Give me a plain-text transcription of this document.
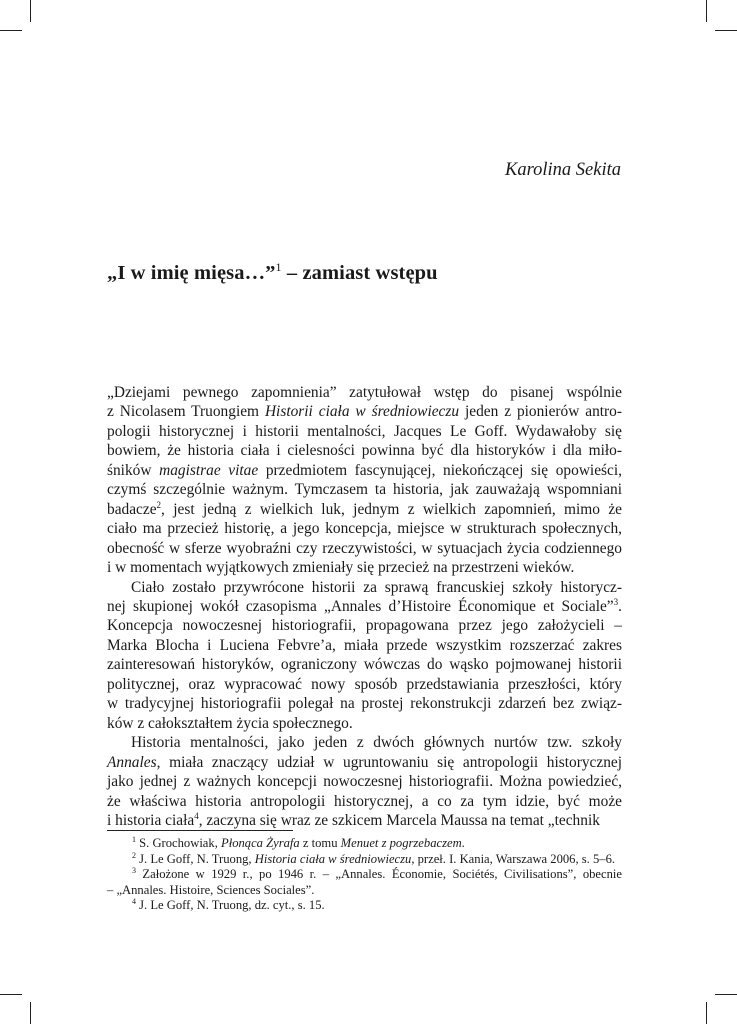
Karolina Sekita
„I w imię mięsa…”$^1$ – zamiast wstępu
„Dziejami pewnego zapomnienia” zatytułował wstęp do pisanej wspólnie
z Nicolasem Truongiem Historii ciała w średniowieczu jeden z pionierów antro-
pologii historycznej i historii mentalności, Jacques Le Goff. Wydawałoby się
bowiem, że historia ciała i cielesności powinna być dla historyków i dla miło-
śników magistrae vitae przedmiotem fascynującej, niekończącej się opowieści,
czymś szczególnie ważnym. Tymczasem ta historia, jak zauważają wspomniani
badacze$^2$, jest jedną z wielkich luk, jednym z wielkich zapomnień, mimo że
ciało ma przecież historię, a jego koncepcja, miejsce w strukturach społecznych,
obecność w sferze wyobraźni czy rzeczywistości, w sytuacjach życia codziennego
i w momentach wyjątkowych zmieniały się przecież na przestrzeni wieków.
Ciało zostało przywrócone historii za sprawą francuskiej szkoły historycz-
nej skupionej wokół czasopisma „Annales d’Histoire Économique et Sociale”$^3$.
Koncepcja nowoczesnej historiografii, propagowana przez jego założycieli –
Marka Blocha i Luciena Febvre’a, miała przede wszystkim rozszerzać zakres
zainteresowań historyków, ograniczony wówczas do wąsko pojmowanej historii
politycznej, oraz wypracować nowy sposób przedstawiania przeszłości, który
w tradycyjnej historiografii polegał na prostej rekonstrukcji zdarzeń bez związ-
ków z całokształtem życia społecznego.
Historia mentalności, jako jeden z dwóch głównych nurtów tzw. szkoły
Annales, miała znaczący udział w ugruntowaniu się antropologii historycznej
jako jednej z ważnych koncepcji nowoczesnej historiografii. Można powiedzieć,
że właściwa historia antropologii historycznej, a co za tym idzie, być może
i historia ciała$^4$, zaczyna się wraz ze szkicem Marcela Maussa na temat „technik
$^1$ S. Grochowiak, Płonąca Żyrafa z tomu Menuet z pogrzebaczem.
$^2$ J. Le Goff, N. Truong, Historia ciała w średniowieczu, przeł. I. Kania, Warszawa 2006, s. 5–6.
$^3$ Założone w 1929 r., po 1946 r. – „Annales. Économie, Sociétés, Civilisations”, obecnie
– „Annales. Histoire, Sciences Sociales”.
$^4$ J. Le Goff, N. Truong, dz. cyt., s. 15.
